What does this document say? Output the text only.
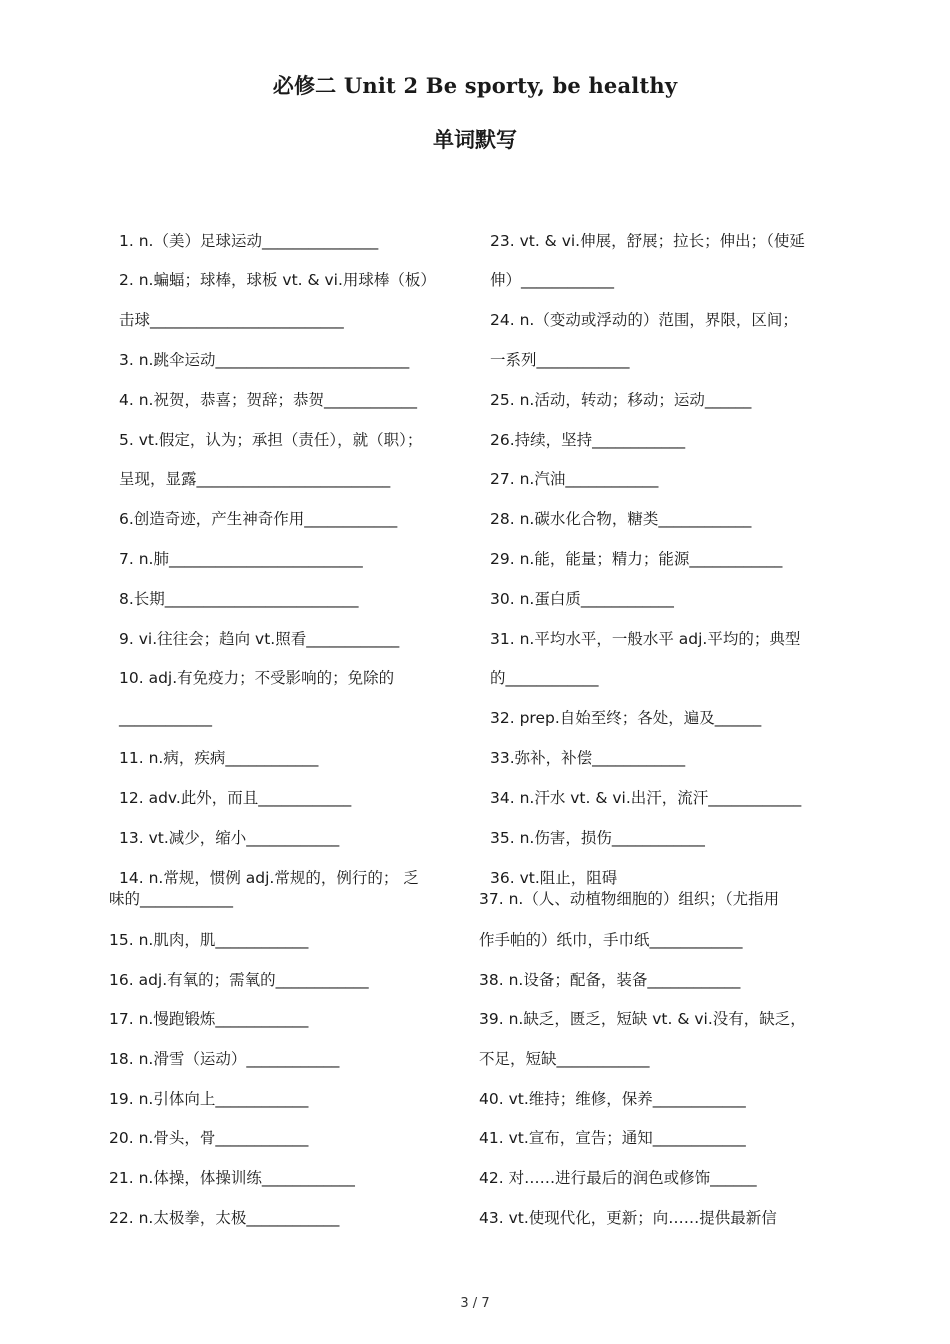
必修二 Unit 2 Be sporty, be healthy
单词默写
1. n.（美）足球运动_______________
2. n.蝙蝠；球棒，球板 vt. & vi.用球棒（板）
击球_________________________
3. n.跳伞运动_________________________
4. n.祝贺，恭喜；贺辞；恭贺____________
5. vt.假定，认为；承担（责任），就（职）；
呈现，显露_________________________
6.创造奇迹，产生神奇作用____________
7. n.肺_________________________
8.长期_________________________
9. vi.往往会；趋向 vt.照看____________
10. adj.有免疫力；不受影响的；免除的
____________
11. n.病，疾病____________
12. adv.此外，而且____________
13. vt.减少，缩小____________
14. n.常规，惯例 adj.常规的，例行的； 乏
味的____________
15. n.肌肉，肌____________
16. adj.有氧的；需氧的____________
17. n.慢跑锻炼____________
18. n.滑雪（运动）____________
19. n.引体向上____________
20. n.骨头，骨____________
21. n.体操，体操训练____________
22. n.太极拳，太极____________
23. vt. & vi.伸展，舒展；拉长；伸出；（使延
伸）____________
24. n.（变动或浮动的）范围，界限，区间；
一系列____________
25. n.活动，转动；移动；运动______
26.持续，坚持____________
27. n.汽油____________
28. n.碳水化合物，糖类____________
29. n.能，能量；精力；能源____________
30. n.蛋白质____________
31. n.平均水平，一般水平 adj.平均的；典型
的____________
32. prep.自始至终；各处，遍及______
33.弥补，补偿____________
34. n.汗水 vt. & vi.出汗，流汗____________
35. n.伤害，损伤____________
36. vt.阻止，阻碍
37. n.（人、动植物细胞的）组织；（尤指用
作手帕的）纸巾，手巾纸____________
38. n.设备；配备，装备____________
39. n.缺乏，匮乏，短缺 vt. & vi.没有，缺乏，
不足，短缺____________
40. vt.维持；维修，保养____________
41. vt.宣布，宣告；通知____________
42. 对……进行最后的润色或修饰______
43. vt.使现代化，更新；向……提供最新信
3 / 7
